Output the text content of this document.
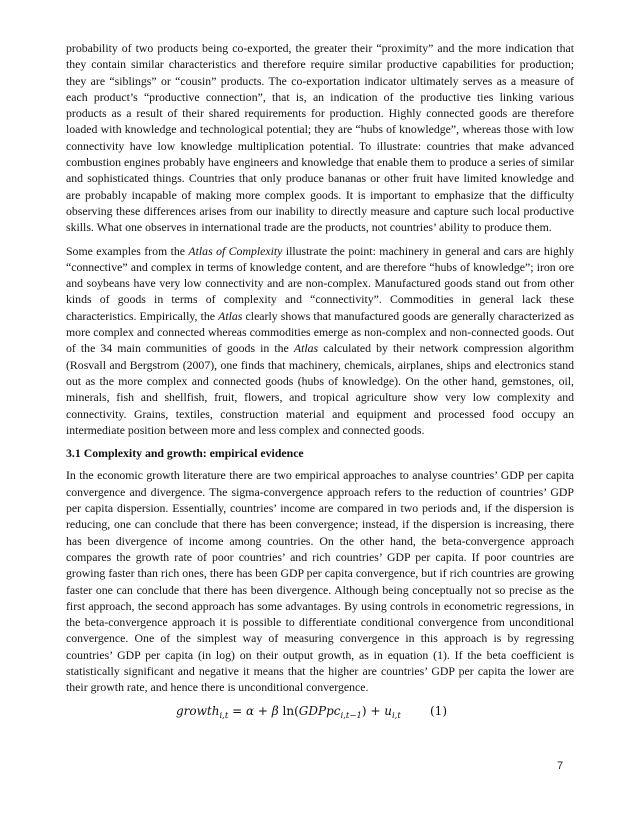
probability of two products being co-exported, the greater their “proximity” and the more indication that they contain similar characteristics and therefore require similar productive capabilities for production; they are “siblings” or “cousin” products. The co-exportation indicator ultimately serves as a measure of each product’s “productive connection”, that is, an indication of the productive ties linking various products as a result of their shared requirements for production. Highly connected goods are therefore loaded with knowledge and technological potential; they are “hubs of knowledge”, whereas those with low connectivity have low knowledge multiplication potential. To illustrate: countries that make advanced combustion engines probably have engineers and knowledge that enable them to produce a series of similar and sophisticated things. Countries that only produce bananas or other fruit have limited knowledge and are probably incapable of making more complex goods. It is important to emphasize that the difficulty observing these differences arises from our inability to directly measure and capture such local productive skills. What one observes in international trade are the products, not countries’ ability to produce them.

Some examples from the Atlas of Complexity illustrate the point: machinery in general and cars are highly “connective” and complex in terms of knowledge content, and are therefore “hubs of knowledge”; iron ore and soybeans have very low connectivity and are non-complex. Manufactured goods stand out from other kinds of goods in terms of complexity and “connectivity”. Commodities in general lack these characteristics. Empirically, the Atlas clearly shows that manufactured goods are generally characterized as more complex and connected whereas commodities emerge as non-complex and non-connected goods. Out of the 34 main communities of goods in the Atlas calculated by their network compression algorithm (Rosvall and Bergstrom (2007), one finds that machinery, chemicals, airplanes, ships and electronics stand out as the more complex and connected goods (hubs of knowledge). On the other hand, gemstones, oil, minerals, fish and shellfish, fruit, flowers, and tropical agriculture show very low complexity and connectivity. Grains, textiles, construction material and equipment and processed food occupy an intermediate position between more and less complex and connected goods.

3.1 Complexity and growth: empirical evidence

In the economic growth literature there are two empirical approaches to analyse countries’ GDP per capita convergence and divergence. The sigma-convergence approach refers to the reduction of countries’ GDP per capita dispersion. Essentially, countries’ income are compared in two periods and, if the dispersion is reducing, one can conclude that there has been convergence; instead, if the dispersion is increasing, there has been divergence of income among countries. On the other hand, the beta-convergence approach compares the growth rate of poor countries’ and rich countries’ GDP per capita. If poor countries are growing faster than rich ones, there has been GDP per capita convergence, but if rich countries are growing faster one can conclude that there has been divergence. Although being conceptually not so precise as the first approach, the second approach has some advantages. By using controls in econometric regressions, in the beta-convergence approach it is possible to differentiate conditional convergence from unconditional convergence. One of the simplest way of measuring convergence in this approach is by regressing countries’ GDP per capita (in log) on their output growth, as in equation (1). If the beta coefficient is statistically significant and negative it means that the higher are countries’ GDP per capita the lower are their growth rate, and hence there is unconditional convergence.

growth$_{i,t}$ = α + β ln(GDPpc$_{i,t-1}$) + $u_{i,t}$ (1)
7
